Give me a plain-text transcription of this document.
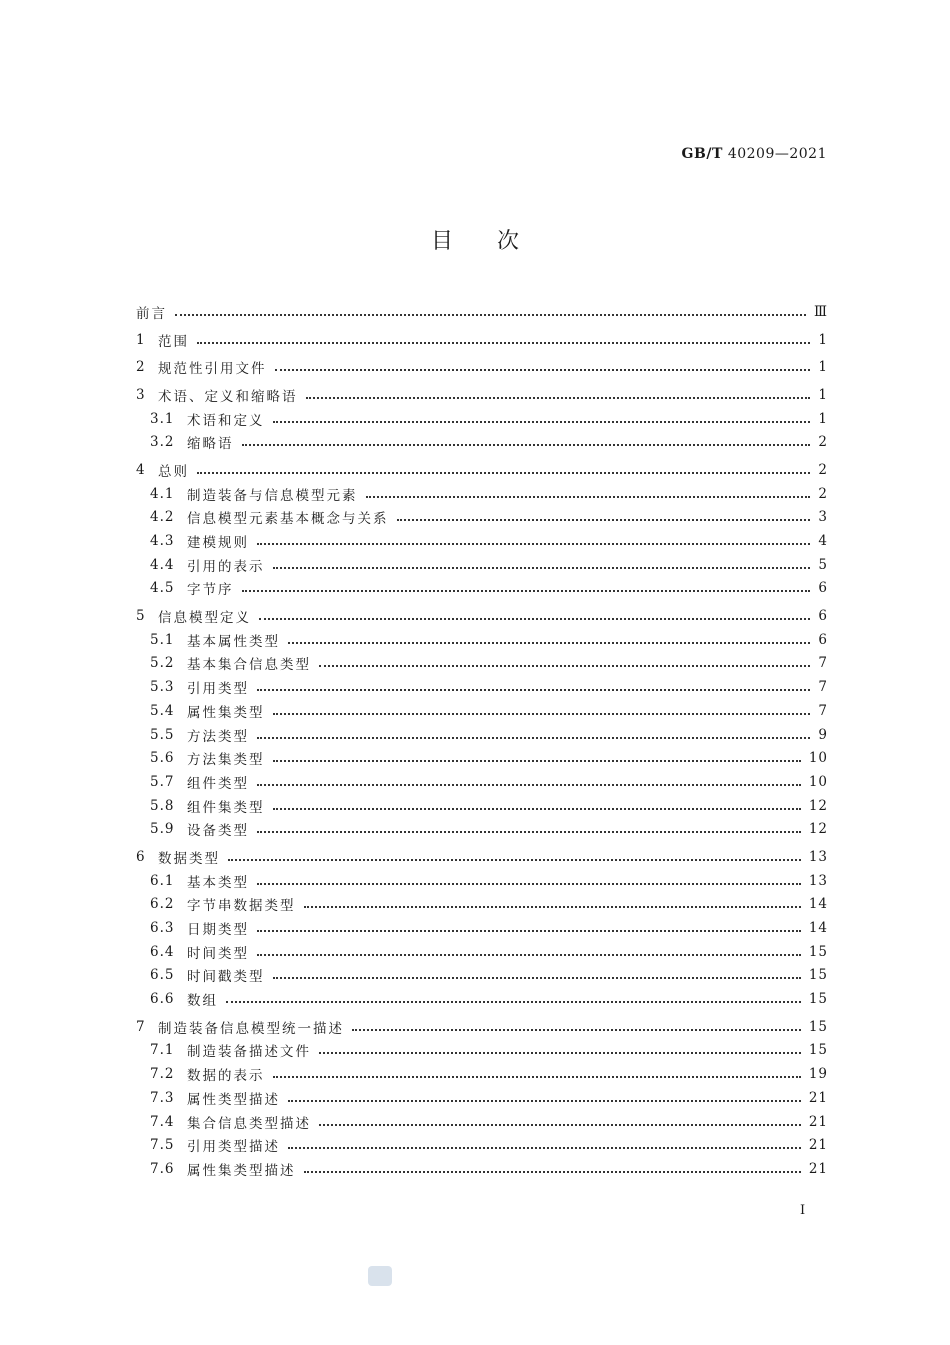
GB/T 40209—2021
目次
前言	Ⅲ
1 范围	1
2 规范性引用文件	1
3 术语、定义和缩略语	1
3.1 术语和定义	1
3.2 缩略语	2
4 总则	2
4.1 制造装备与信息模型元素	2
4.2 信息模型元素基本概念与关系	3
4.3 建模规则	4
4.4 引用的表示	5
4.5 字节序	6
5 信息模型定义	6
5.1 基本属性类型	6
5.2 基本集合信息类型	7
5.3 引用类型	7
5.4 属性集类型	7
5.5 方法类型	9
5.6 方法集类型	10
5.7 组件类型	10
5.8 组件集类型	12
5.9 设备类型	12
6 数据类型	13
6.1 基本类型	13
6.2 字节串数据类型	14
6.3 日期类型	14
6.4 时间类型	15
6.5 时间戳类型	15
6.6 数组	15
7 制造装备信息模型统一描述	15
7.1 制造装备描述文件	15
7.2 数据的表示	19
7.3 属性类型描述	21
7.4 集合信息类型描述	21
7.5 引用类型描述	21
7.6 属性集类型描述	21
I
